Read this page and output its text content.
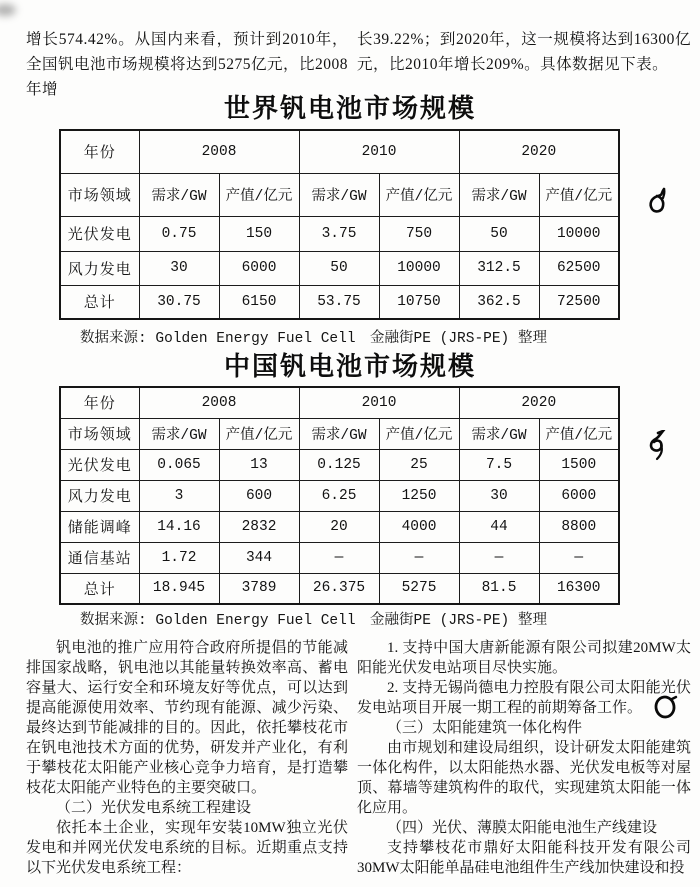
增长574.42%。从国内来看，预计到2010年，全国钒电池市场规模将达到5275亿元，比2008年增
长39.22%；到2020年，这一规模将达到16300亿元，比2010年增长209%。具体数据见下表。
世界钒电池市场规模
年份	2008		2010		2020	
市场领域	需求/GW	产值/亿元	需求/GW	产值/亿元	需求/GW	产值/亿元
光伏发电	0.75	150	3.75	750	50	10000
风力发电	30	6000	50	10000	312.5	62500
总计	30.75	6150	53.75	10750	362.5	72500
数据来源: Golden Energy Fuel Cell　金融街PE (JRS-PE) 整理
中国钒电池市场规模
年份	2008		2010		2020	
市场领域	需求/GW	产值/亿元	需求/GW	产值/亿元	需求/GW	产值/亿元
光伏发电	0.065	13	0.125	25	7.5	1500
风力发电	3	600	6.25	1250	30	6000
储能调峰	14.16	2832	20	4000	44	8800
通信基站	1.72	344	—	—	—	—
总计	18.945	3789	26.375	5275	81.5	16300
数据来源: Golden Energy Fuel Cell　金融街PE (JRS-PE) 整理

钒电池的推广应用符合政府所提倡的节能减排国家战略，钒电池以其能量转换效率高、蓄电容量大、运行安全和环境友好等优点，可以达到提高能源使用效率、节约现有能源、减少污染、最终达到节能减排的目的。因此，依托攀枝花市在钒电池技术方面的优势，研发并产业化，有利于攀枝花太阳能产业核心竞争力培育，是打造攀枝花太阳能产业特色的主要突破口。

（二）光伏发电系统工程建设

依托本土企业，实现年安装10MW独立光伏发电和并网光伏发电系统的目标。近期重点支持以下光伏发电系统工程：

1. 支持中国大唐新能源有限公司拟建20MW太阳能光伏发电站项目尽快实施。

2. 支持无锡尚德电力控股有限公司太阳能光伏发电站项目开展一期工程的前期筹备工作。

（三）太阳能建筑一体化构件

由市规划和建设局组织，设计研发太阳能建筑一体化构件，以太阳能热水器、光伏发电板等对屋顶、幕墙等建筑构件的取代，实现建筑太阳能一体化应用。

（四）光伏、薄膜太阳能电池生产线建设

支持攀枝花市鼎好太阳能科技开发有限公司30MW太阳能单晶硅电池组件生产线加快建设和投
